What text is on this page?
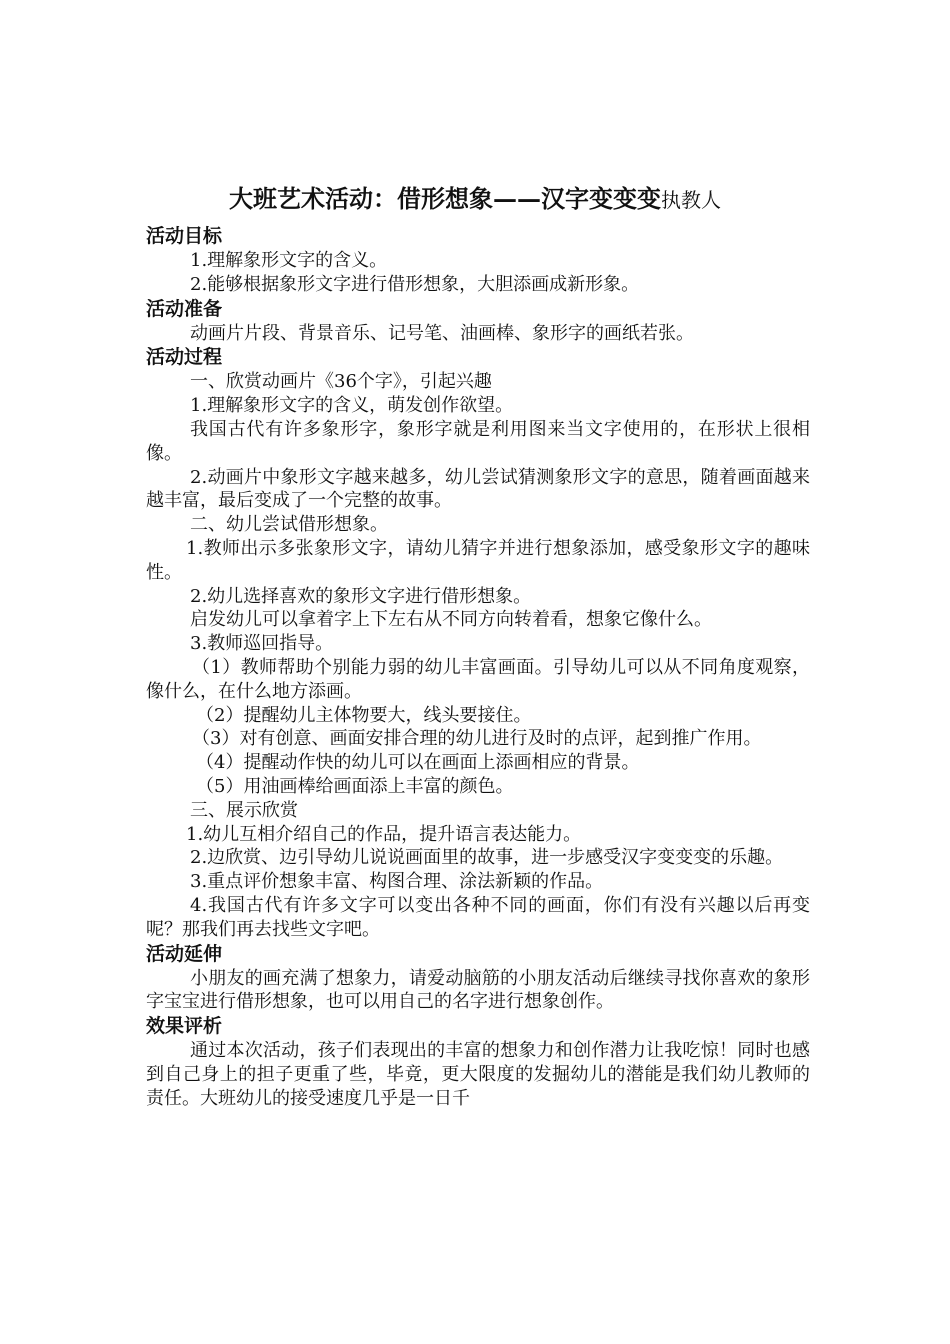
大班艺术活动：借形想象——汉字变变变执教人
活动目标
1.理解象形文字的含义。
2.能够根据象形文字进行借形想象，大胆添画成新形象。
活动准备
动画片片段、背景音乐、记号笔、油画棒、象形字的画纸若张。
活动过程
一、欣赏动画片《36个字》，引起兴趣
1.理解象形文字的含义，萌发创作欲望。
我国古代有许多象形字，象形字就是利用图来当文字使用的，在形状上很相像。
2.动画片中象形文字越来越多，幼儿尝试猜测象形文字的意思，随着画面越来越丰富，最后变成了一个完整的故事。
二、幼儿尝试借形想象。
1.教师出示多张象形文字，请幼儿猜字并进行想象添加，感受象形文字的趣味性。
2.幼儿选择喜欢的象形文字进行借形想象。
启发幼儿可以拿着字上下左右从不同方向转着看，想象它像什么。
3.教师巡回指导。
（1）教师帮助个别能力弱的幼儿丰富画面。引导幼儿可以从不同角度观察，像什么，在什么地方添画。
（2）提醒幼儿主体物要大，线头要接住。
（3）对有创意、画面安排合理的幼儿进行及时的点评，起到推广作用。
（4）提醒动作快的幼儿可以在画面上添画相应的背景。
（5）用油画棒给画面添上丰富的颜色。
三、展示欣赏
1.幼儿互相介绍自己的作品，提升语言表达能力。
2.边欣赏、边引导幼儿说说画面里的故事，进一步感受汉字变变变的乐趣。
3.重点评价想象丰富、构图合理、涂法新颖的作品。
4.我国古代有许多文字可以变出各种不同的画面，你们有没有兴趣以后再变呢？那我们再去找些文字吧。
活动延伸
小朋友的画充满了想象力，请爱动脑筋的小朋友活动后继续寻找你喜欢的象形字宝宝进行借形想象，也可以用自己的名字进行想象创作。
效果评析
通过本次活动，孩子们表现出的丰富的想象力和创作潜力让我吃惊！同时也感到自己身上的担子更重了些，毕竟，更大限度的发掘幼儿的潜能是我们幼儿教师的责任。大班幼儿的接受速度几乎是一日千
